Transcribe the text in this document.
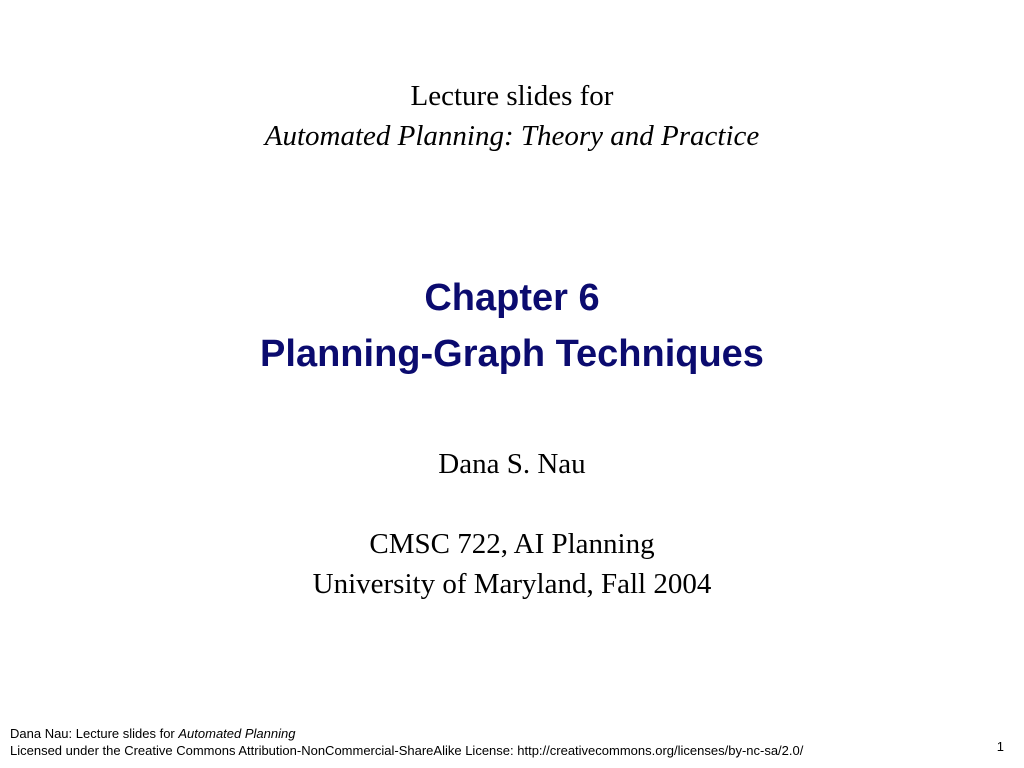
Lecture slides for
Automated Planning: Theory and Practice
Chapter 6
Planning-Graph Techniques
Dana S. Nau
CMSC 722, AI Planning
University of Maryland, Fall 2004
Dana Nau: Lecture slides for Automated Planning
Licensed under the Creative Commons Attribution-NonCommercial-ShareAlike License: http://creativecommons.org/licenses/by-nc-sa/2.0/	1
